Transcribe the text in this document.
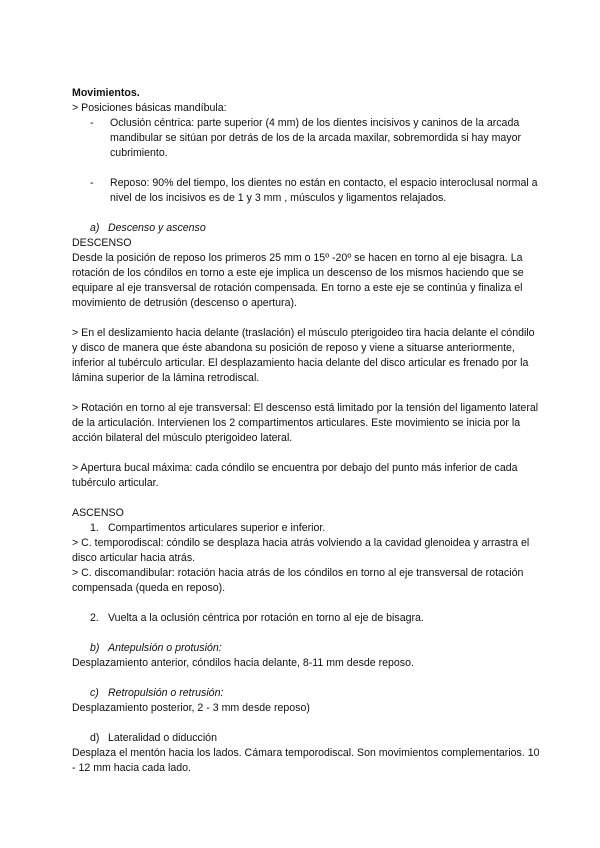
Movimientos.

> Posiciones básicas mandíbula:

- Oclusión céntrica: parte superior (4 mm) de los dientes incisivos y caninos de la arcada mandibular se sitúan por detrás de los de la arcada maxilar, sobremordida si hay mayor cubrimiento.
- Reposo: 90% del tiempo, los dientes no están en contacto, el espacio interoclusal normal a nivel de los incisivos es de 1 y 3 mm , músculos y ligamentos relajados.

a) Descenso y ascenso

DESCENSO

Desde la posición de reposo los primeros 25 mm o 15º -20º se hacen en torno al eje bisagra. La rotación de los cóndilos en torno a este eje implica un descenso de los mismos haciendo que se equipare al eje transversal de rotación compensada. En torno a este eje se continúa y finaliza el movimiento de detrusión (descenso o apertura).

> En el deslizamiento hacia delante (traslación) el músculo pterigoideo tira hacia delante el cóndilo y disco de manera que éste abandona su posición de reposo y viene a situarse anteriormente, inferior al tubérculo articular. El desplazamiento hacia delante del disco articular es frenado por la lámina superior de la lámina retrodiscal.

> Rotación en torno al eje transversal: El descenso está limitado por la tensión del ligamento lateral de la articulación. Intervienen los 2 compartimentos articulares. Este movimiento se inicia por la acción bilateral del músculo pterigoideo lateral.

> Apertura bucal máxima: cada cóndilo se encuentra por debajo del punto más inferior de cada tubérculo articular.

ASCENSO

1. Compartimentos articulares superior e inferior.

> C. temporodiscal: cóndilo se desplaza hacia atrás volviendo a la cavidad glenoidea y arrastra el disco articular hacia atrás.

> C. discomandibular: rotación hacia atrás de los cóndilos en torno al eje transversal de rotación compensada (queda en reposo).

2. Vuelta a la oclusión céntrica por rotación en torno al eje de bisagra.

b) Antepulsión o protusión:

Desplazamiento anterior, cóndilos hacia delante, 8-11 mm desde reposo.

c) Retropulsión o retrusión:

Desplazamiento posterior, 2 - 3 mm desde reposo)

d) Lateralidad o diducción

Desplaza el mentón hacia los lados. Cámara temporodiscal. Son movimientos complementarios. 10 - 12 mm hacia cada lado.
